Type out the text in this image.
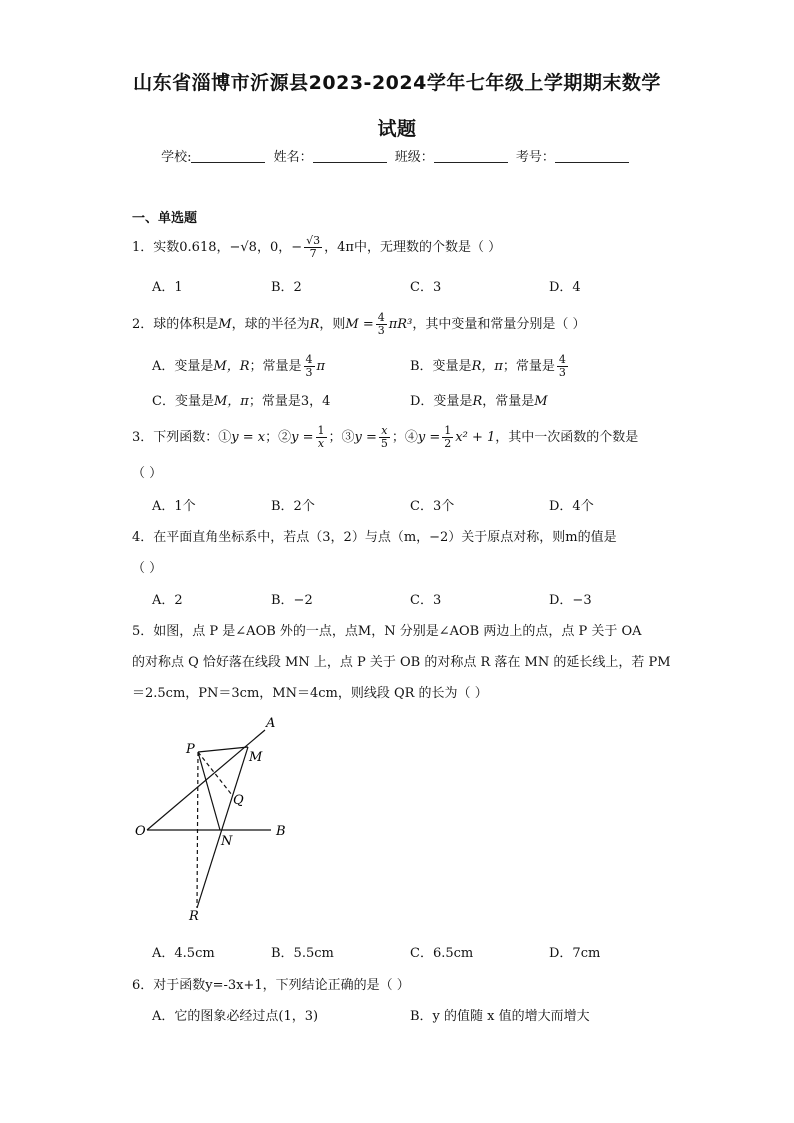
山东省淄博市沂源县2023-2024学年七年级上学期期末数学
试题
学校:	姓名：	班级：	考号：
一、单选题
1．实数0.618，−√8，0，− $\frac{√3}{7}$ ，4π中，无理数的个数是（ ）
A．1	B．2	C．3	D．4
2．球的体积是M，球的半径为R，则$M = \frac{4}{3} \pi R^3$，其中变量和常量分别是（ ）
A．变量是M，R；常量是 $\frac{4}{3}$ π	B．变量是R，π；常量是 $\frac{4}{3}$
C．变量是M，π；常量是3，4	D．变量是R，常量是M
3．下列函数：①y = x；②y = $\frac{1}{x}$ ；③y = $\frac{x}{5}$ ；④y = $\frac{1}{2} x^2 + 1$，其中一次函数的个数是
（ ）
A．1个	B．2个	C．3个	D．4个
4．在平面直角坐标系中，若点（3，2）与点（m，−2）关于原点对称，则m的值是
（ ）
A．2	B．−2	C．3	D．−3
5．如图，点 P 是∠AOB 外的一点，点M，N 分别是∠AOB 两边上的点，点 P 关于 OA
的对称点 Q 恰好落在线段 MN 上，点 P 关于 OB 的对称点 R 落在 MN 的延长线上，若 PM
＝2.5cm，PN＝3cm，MN＝4cm，则线段 QR 的长为（ ）
A
P
M
Q
O
N
B
R
A．4.5cm	B．5.5cm	C．6.5cm	D．7cm
6．对于函数y=-3x+1，下列结论正确的是（ ）
A．它的图象必经过点(1，3)	B．y 的值随 x 值的增大而增大
